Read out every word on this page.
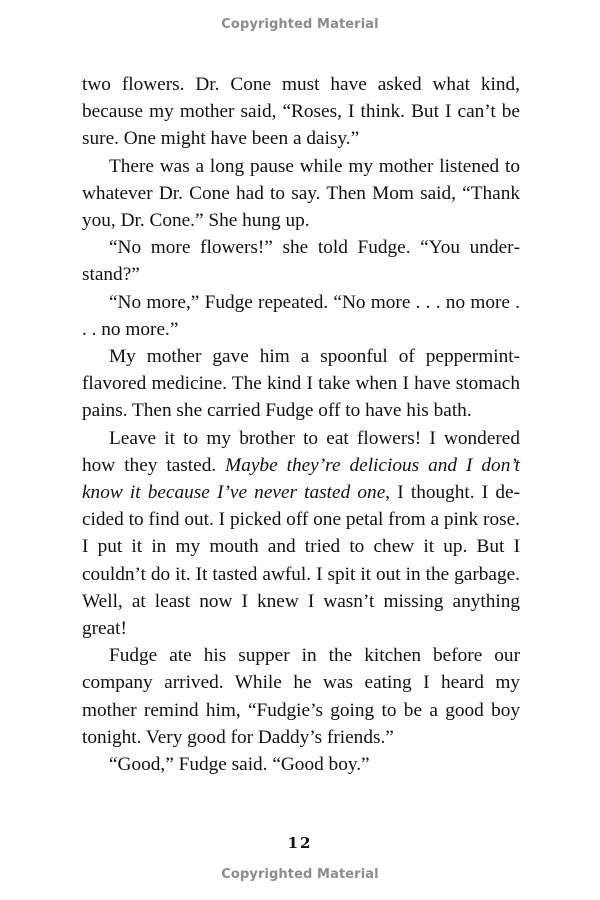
Copyrighted Material

two flowers. Dr. Cone must have asked what kind, because my mother said, “Roses, I think. But I can’t be sure. One might have been a daisy.”

There was a long pause while my mother listened to whatever Dr. Cone had to say. Then Mom said, “Thank you, Dr. Cone.” She hung up.

“No more flowers!” she told Fudge. “You understand?”

“No more,” Fudge repeated. “No more . . . no more . . . no more.”

My mother gave him a spoonful of peppermint-flavored medicine. The kind I take when I have stomach pains. Then she carried Fudge off to have his bath.

Leave it to my brother to eat flowers! I wondered how they tasted. Maybe they’re delicious and I don’t know it because I’ve never tasted one, I thought. I decided to find out. I picked off one petal from a pink rose. I put it in my mouth and tried to chew it up. But I couldn’t do it. It tasted awful. I spit it out in the garbage. Well, at least now I knew I wasn’t missing anything great!

Fudge ate his supper in the kitchen before our company arrived. While he was eating I heard my mother remind him, “Fudgie’s going to be a good boy tonight. Very good for Daddy’s friends.”

“Good,” Fudge said. “Good boy.”

12
Copyrighted Material
